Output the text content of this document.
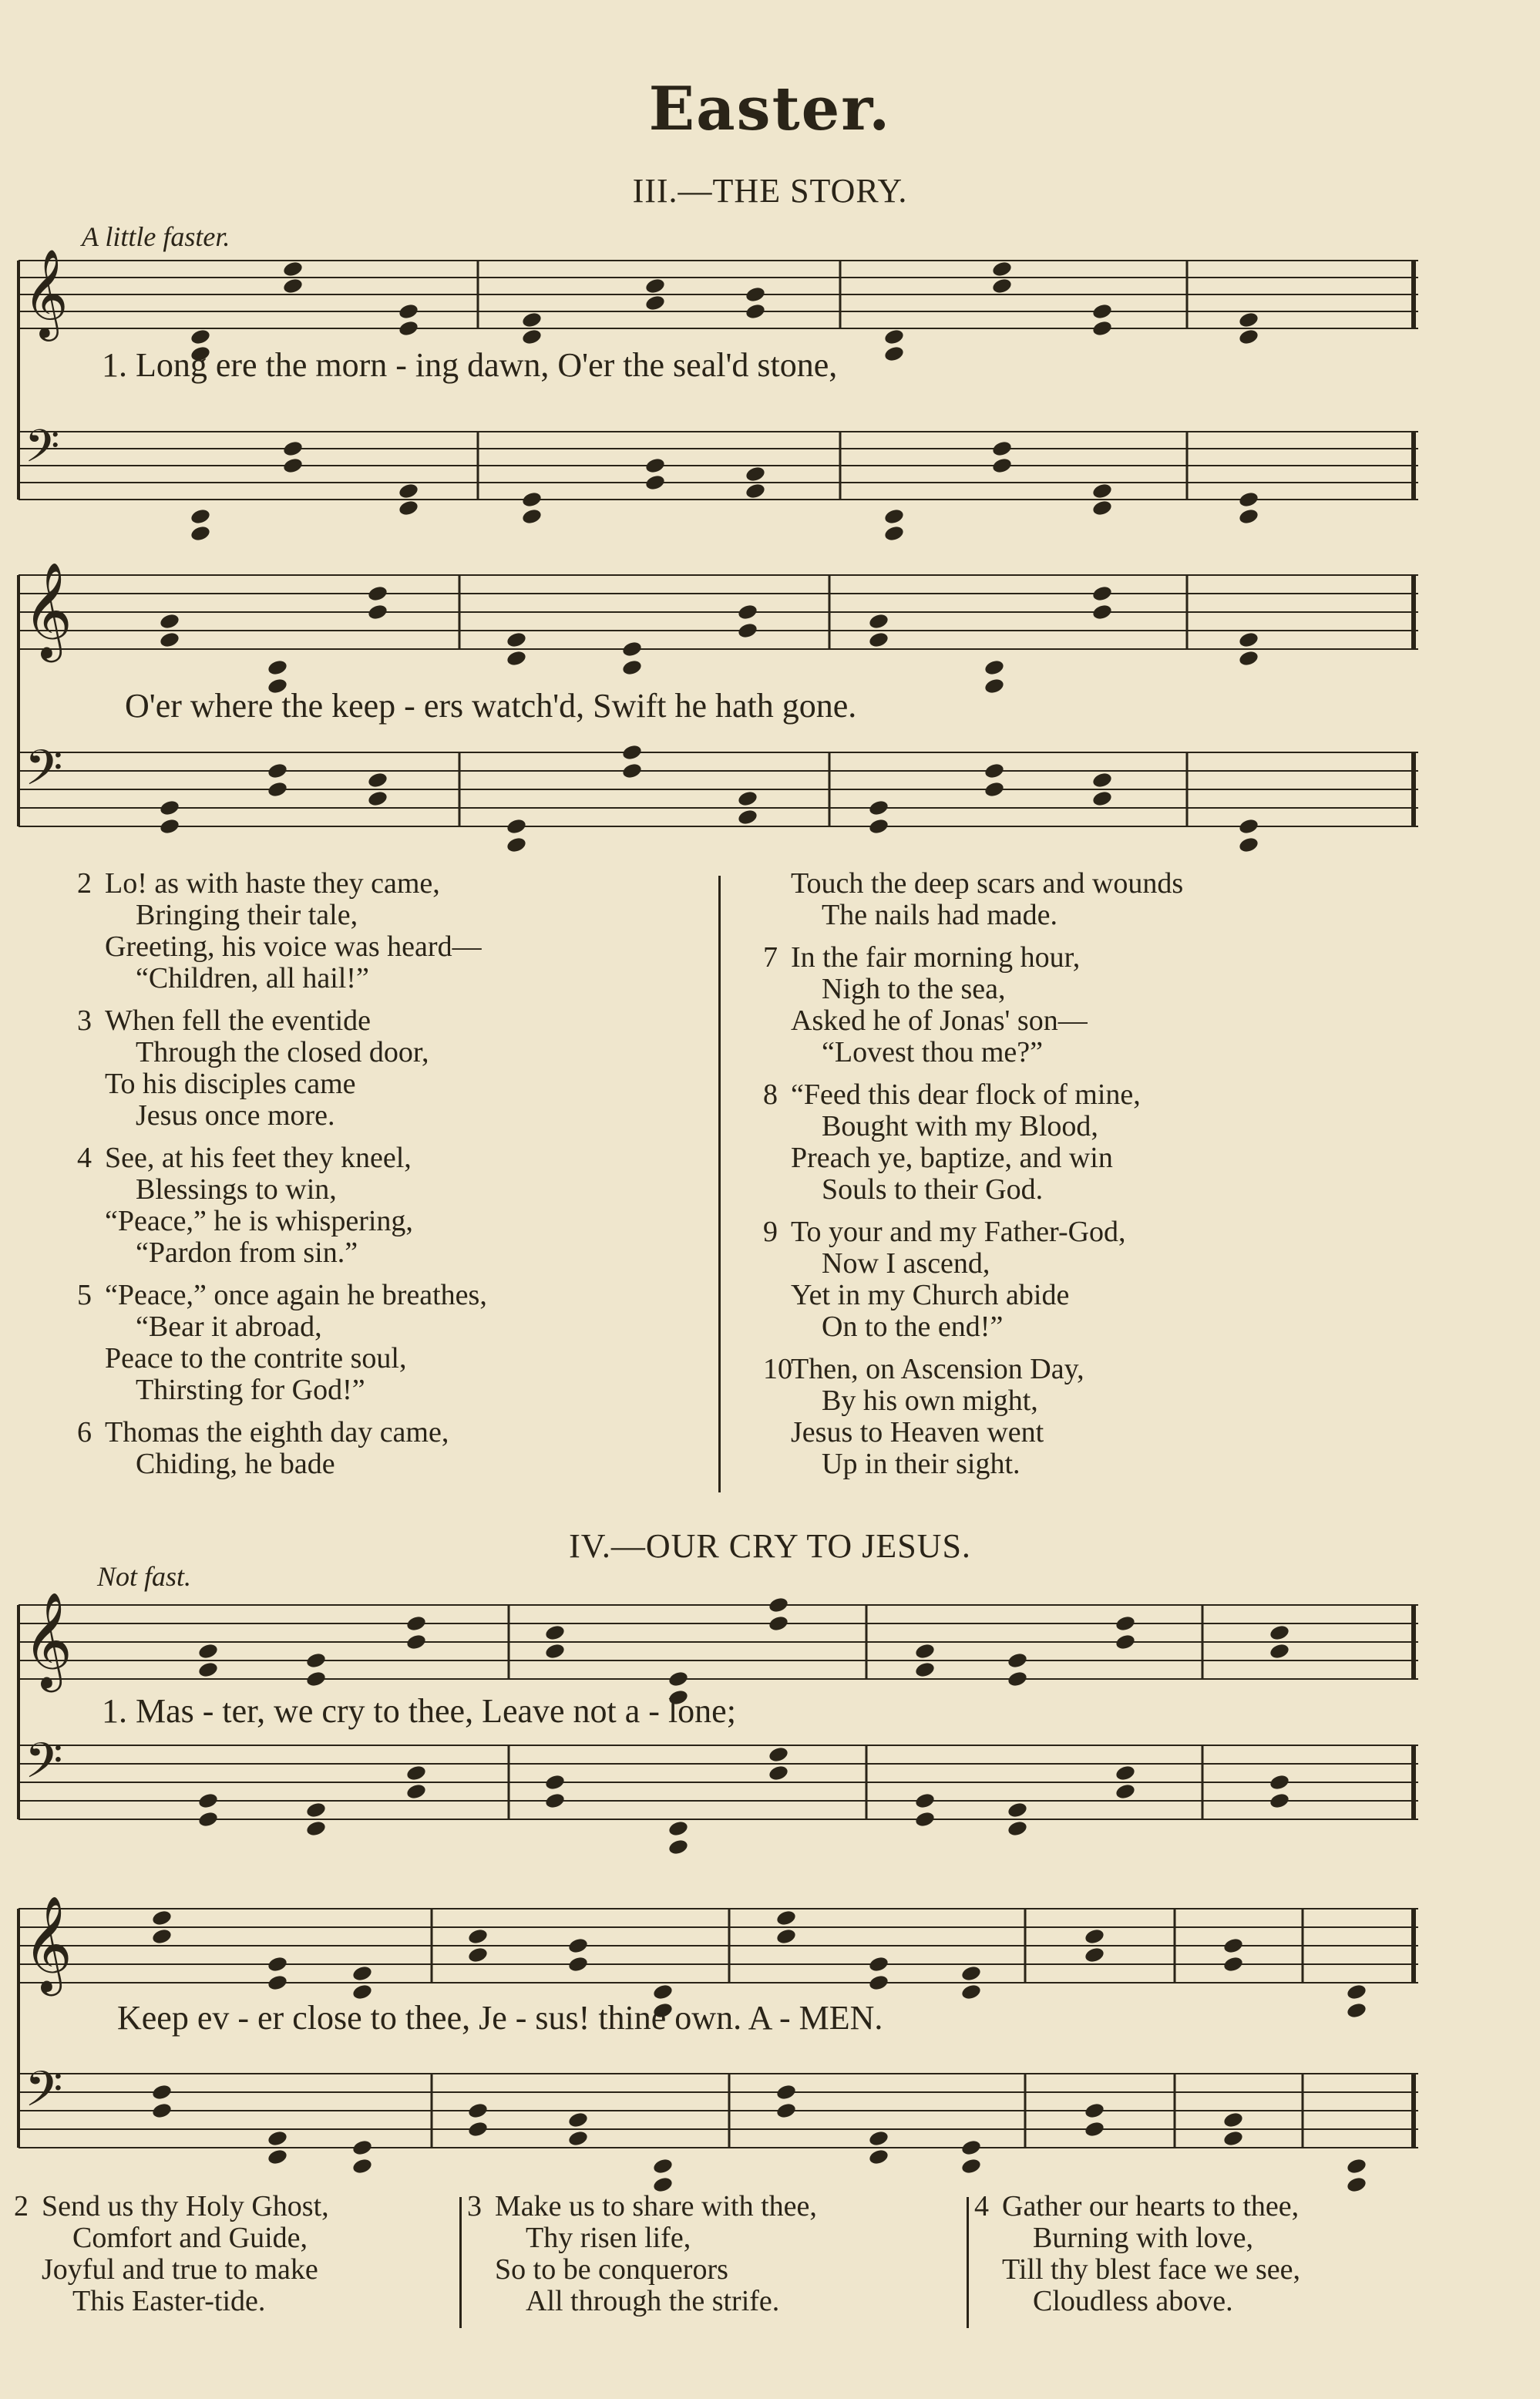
Easter.
III.—THE STORY.
A little faster.
𝄞
𝄢
𝄞
𝄢
𝄞
𝄢
𝄞
𝄢
1. Long ere the morn - ing dawn, O'er the seal'd stone,
O'er where the keep - ers watch'd, Swift he hath gone.
2 Lo! as with haste they came,
Bringing their tale,
Greeting, his voice was heard—
“Children, all hail!”
3 When fell the eventide
Through the closed door,
To his disciples came
Jesus once more.
4 See, at his feet they kneel,
Blessings to win,
“Peace,” he is whispering,
“Pardon from sin.”
5 “Peace,” once again he breathes,
“Bear it abroad,
Peace to the contrite soul,
Thirsting for God!”
6 Thomas the eighth day came,
Chiding, he bade
Touch the deep scars and wounds
The nails had made.
7 In the fair morning hour,
Nigh to the sea,
Asked he of Jonas' son—
“Lovest thou me?”
8 “Feed this dear flock of mine,
Bought with my Blood,
Preach ye, baptize, and win
Souls to their God.
9 To your and my Father-God,
Now I ascend,
Yet in my Church abide
On to the end!”
10Then, on Ascension Day,
By his own might,
Jesus to Heaven went
Up in their sight.
IV.—OUR CRY TO JESUS.
Not fast.
1. Mas - ter, we cry to thee, Leave not a - lone;
Keep ev - er close to thee, Je - sus! thine own. A - MEN.
2 Send us thy Holy Ghost,
Comfort and Guide,
Joyful and true to make
This Easter-tide.
3 Make us to share with thee,
Thy risen life,
So to be conquerors
All through the strife.
4 Gather our hearts to thee,
Burning with love,
Till thy blest face we see,
Cloudless above.
